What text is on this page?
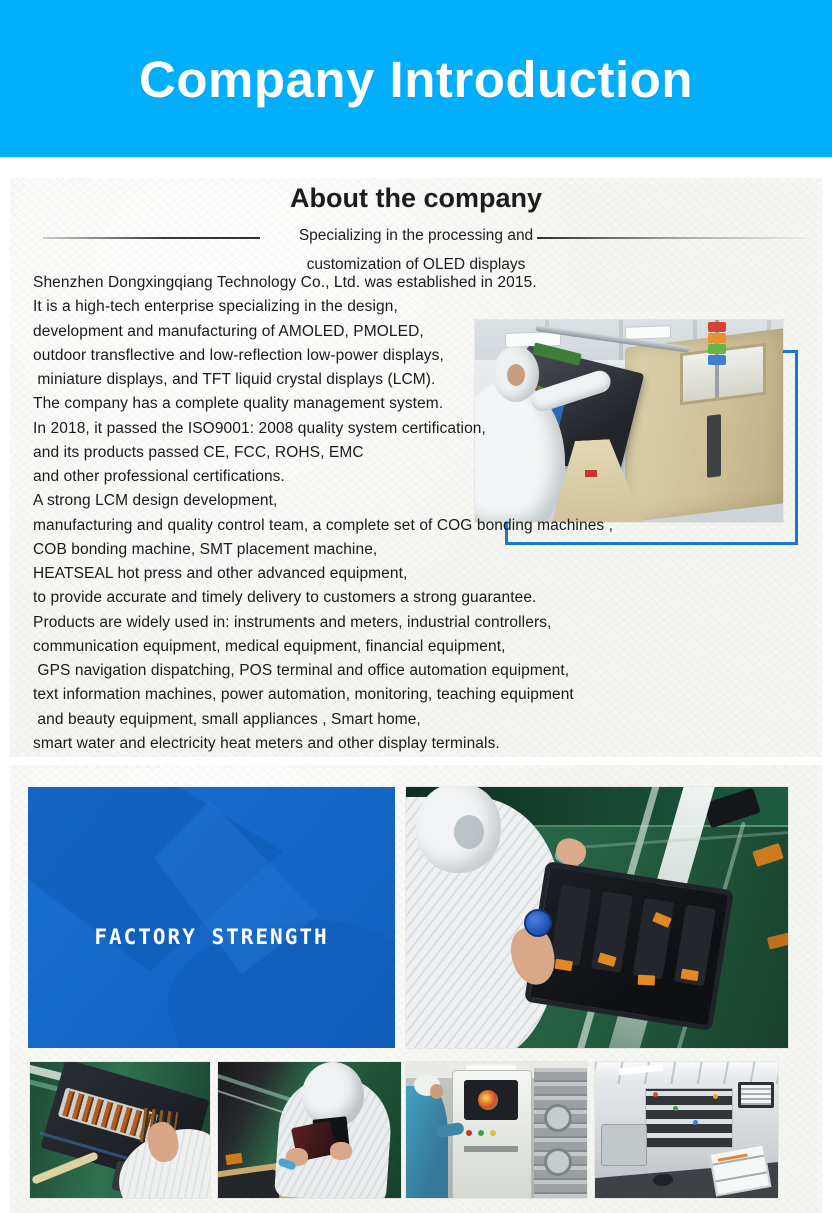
Company Introduction
About the company
Specializing in the processing and
customization of OLED displays
Shenzhen Dongxingqiang Technology Co., Ltd. was established in 2015.
It is a high-tech enterprise specializing in the design,
development and manufacturing of AMOLED, PMOLED,
outdoor transflective and low-reflection low-power displays,
miniature displays, and TFT liquid crystal displays (LCM).
The company has a complete quality management system.
In 2018, it passed the ISO9001: 2008 quality system certification,
and its products passed CE, FCC, ROHS, EMC
and other professional certifications.
A strong LCM design development,
manufacturing and quality control team, a complete set of COG bonding machines ,
COB bonding machine, SMT placement machine,
HEATSEAL hot press and other advanced equipment,
to provide accurate and timely delivery to customers a strong guarantee.
Products are widely used in: instruments and meters, industrial controllers,
communication equipment, medical equipment, financial equipment,
GPS navigation dispatching, POS terminal and office automation equipment,
text information machines, power automation, monitoring, teaching equipment
and beauty equipment, small appliances , Smart home,
smart water and electricity heat meters and other display terminals.
FACTORY STRENGTH
